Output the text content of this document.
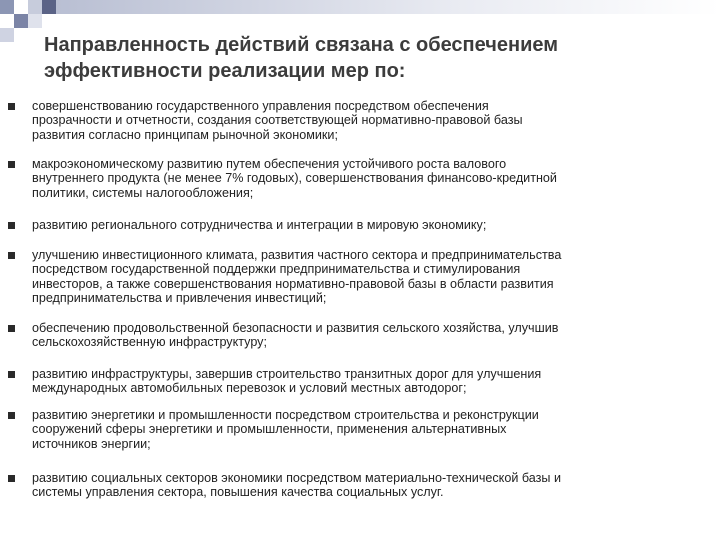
Направленность действий связана с обеспечением
эффективности реализации мер по:
совершенствованию государственного управления посредством обеспечения
прозрачности и отчетности, создания соответствующей нормативно-правовой базы
развития согласно принципам рыночной экономики;
макроэкономическому развитию путем обеспечения устойчивого роста валового
внутреннего продукта (не менее 7% годовых), совершенствования финансово-кредитной
политики, системы налогообложения;
развитию регионального сотрудничества и интеграции в мировую экономику;
улучшению инвестиционного климата, развития частного сектора и предпринимательства
посредством государственной поддержки предпринимательства и стимулирования
инвесторов, а также совершенствования нормативно-правовой базы в области развития
предпринимательства и привлечения инвестиций;
обеспечению продовольственной безопасности и развития сельского хозяйства, улучшив
сельскохозяйственную инфраструктуру;
развитию инфраструктуры, завершив строительство транзитных дорог для улучшения
международных автомобильных перевозок и условий местных автодорог;
развитию энергетики и промышленности посредством строительства и реконструкции
сооружений сферы энергетики и промышленности, применения альтернативных
источников энергии;
развитию социальных секторов экономики посредством материально-технической базы и
системы управления сектора, повышения качества социальных услуг.
